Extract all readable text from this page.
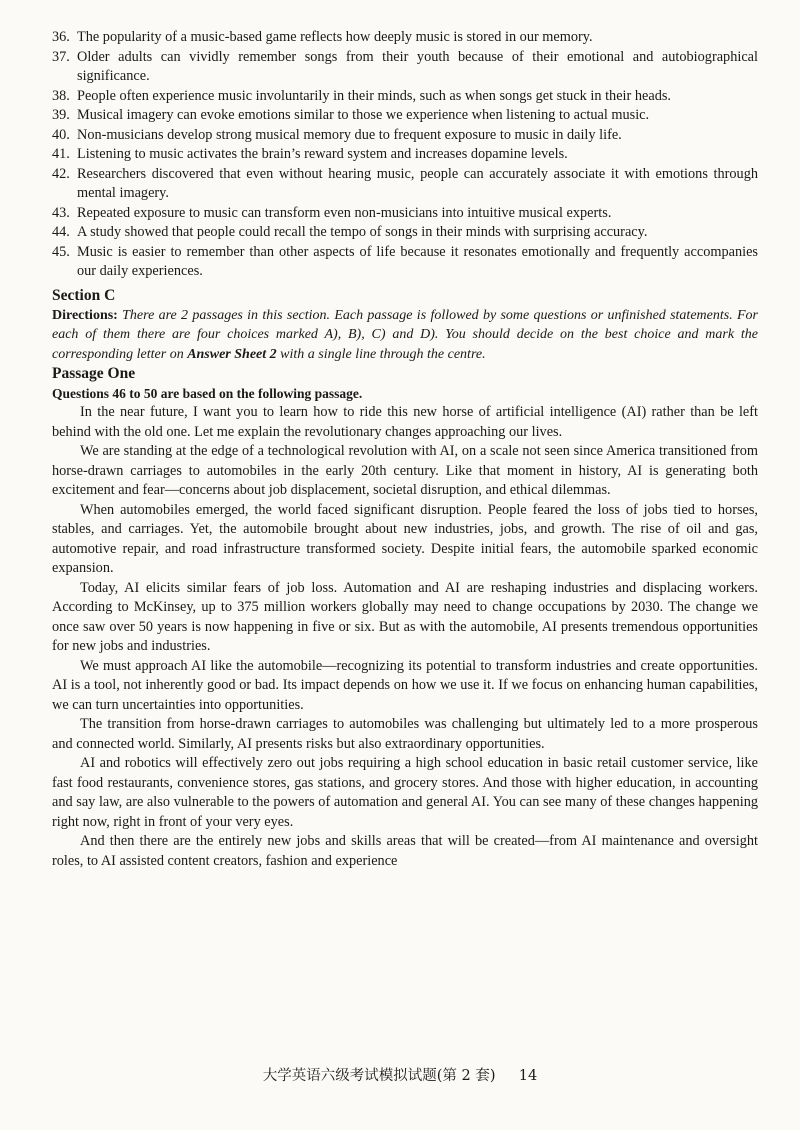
36. The popularity of a music-based game reflects how deeply music is stored in our memory.
37. Older adults can vividly remember songs from their youth because of their emotional and autobiographical significance.
38. People often experience music involuntarily in their minds, such as when songs get stuck in their heads.
39. Musical imagery can evoke emotions similar to those we experience when listening to actual music.
40. Non-musicians develop strong musical memory due to frequent exposure to music in daily life.
41. Listening to music activates the brain’s reward system and increases dopamine levels.
42. Researchers discovered that even without hearing music, people can accurately associate it with emotions through mental imagery.
43. Repeated exposure to music can transform even non-musicians into intuitive musical experts.
44. A study showed that people could recall the tempo of songs in their minds with surprising accuracy.
45. Music is easier to remember than other aspects of life because it resonates emotionally and frequently accompanies our daily experiences.
Section C
Directions: There are 2 passages in this section. Each passage is followed by some questions or unfinished statements. For each of them there are four choices marked A), B), C) and D). You should decide on the best choice and mark the corresponding letter on Answer Sheet 2 with a single line through the centre.
Passage One
Questions 46 to 50 are based on the following passage.

In the near future, I want you to learn how to ride this new horse of artificial intelligence (AI) rather than be left behind with the old one. Let me explain the revolutionary changes approaching our lives.

We are standing at the edge of a technological revolution with AI, on a scale not seen since America transitioned from horse-drawn carriages to automobiles in the early 20th century. Like that moment in history, AI is generating both excitement and fear—concerns about job displacement, societal disruption, and ethical dilemmas.

When automobiles emerged, the world faced significant disruption. People feared the loss of jobs tied to horses, stables, and carriages. Yet, the automobile brought about new industries, jobs, and growth. The rise of oil and gas, automotive repair, and road infrastructure transformed society. Despite initial fears, the automobile sparked economic expansion.

Today, AI elicits similar fears of job loss. Automation and AI are reshaping industries and displacing workers. According to McKinsey, up to 375 million workers globally may need to change occupations by 2030. The change we once saw over 50 years is now happening in five or six. But as with the automobile, AI presents tremendous opportunities for new jobs and industries.

We must approach AI like the automobile—recognizing its potential to transform industries and create opportunities. AI is a tool, not inherently good or bad. Its impact depends on how we use it. If we focus on enhancing human capabilities, we can turn uncertainties into opportunities.

The transition from horse-drawn carriages to automobiles was challenging but ultimately led to a more prosperous and connected world. Similarly, AI presents risks but also extraordinary opportunities.

AI and robotics will effectively zero out jobs requiring a high school education in basic retail customer service, like fast food restaurants, convenience stores, gas stations, and grocery stores. And those with higher education, in accounting and say law, are also vulnerable to the powers of automation and general AI. You can see many of these changes happening right now, right in front of your very eyes.

And then there are the entirely new jobs and skills areas that will be created—from AI maintenance and oversight roles, to AI assisted content creators, fashion and experience

大学英语六级考试模拟试题(第 2 套) 14
